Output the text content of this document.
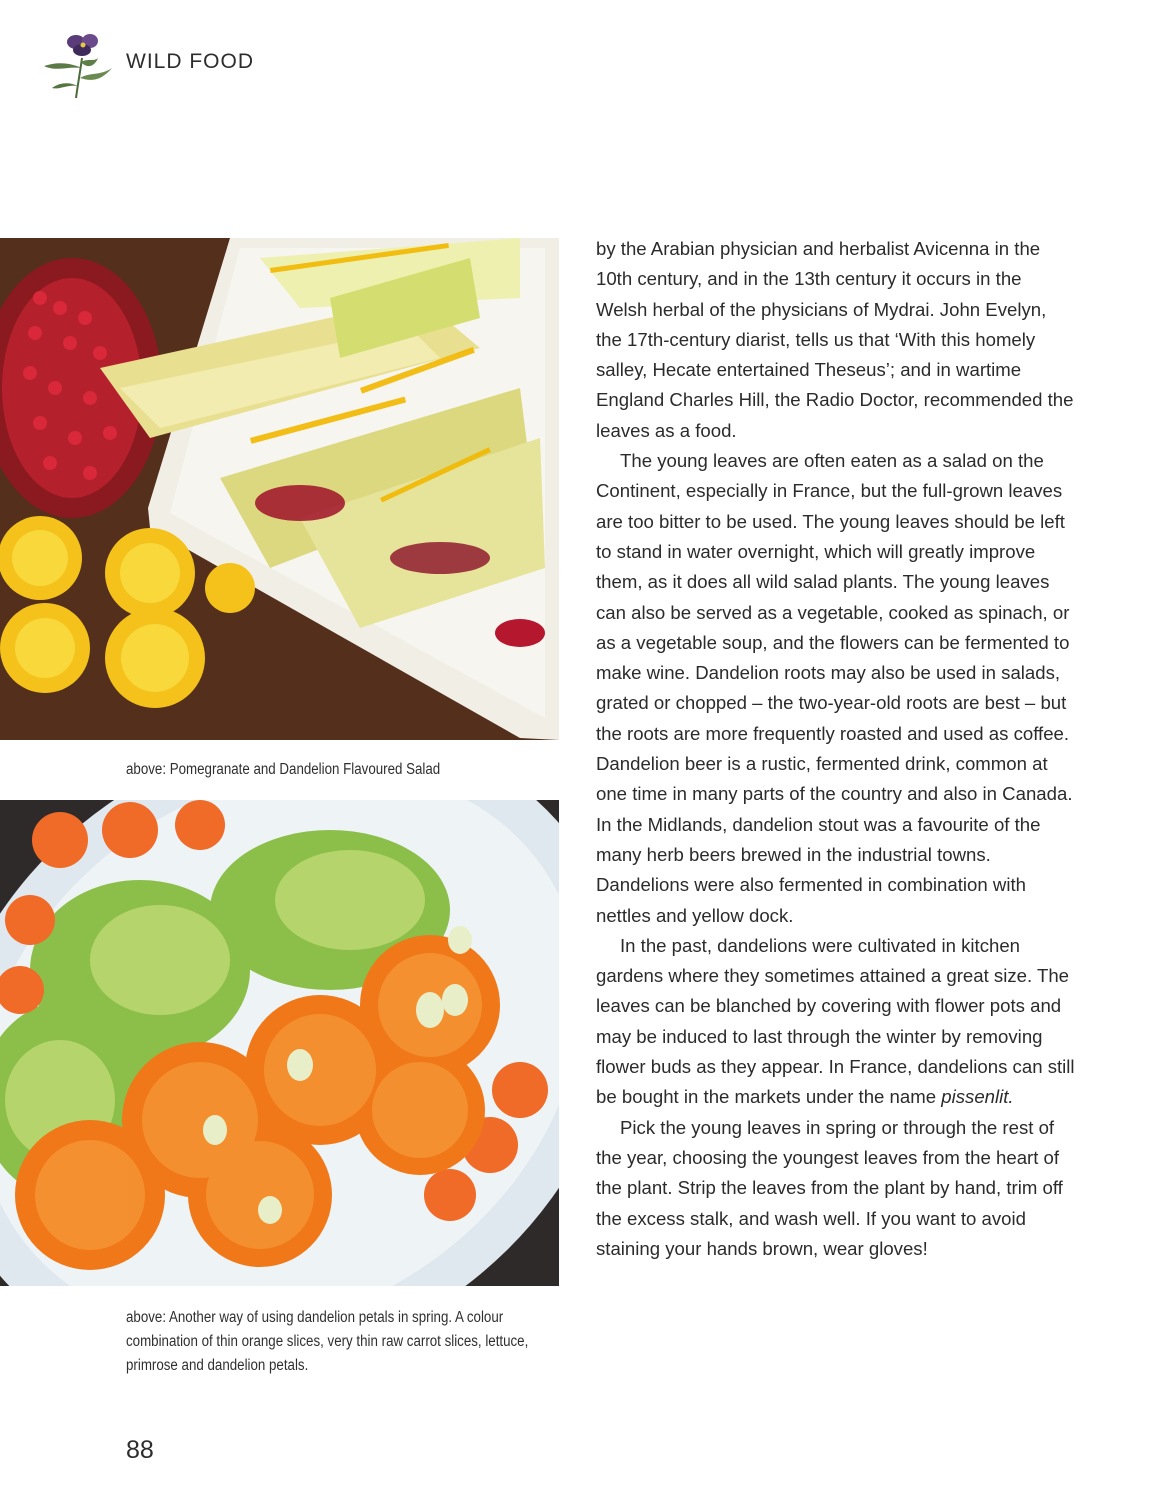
WILD FOOD
above: Pomegranate and Dandelion Flavoured Salad
above: Another way of using dandelion petals in spring. A colour combination of thin orange slices, very thin raw carrot slices, lettuce, primrose and dandelion petals.

by the Arabian physician and herbalist Avicenna in the 10th century, and in the 13th century it occurs in the Welsh herbal of the physicians of Mydrai. John Evelyn, the 17th-century diarist, tells us that ‘With this homely salley, Hecate entertained Theseus’; and in wartime England Charles Hill, the Radio Doctor, recommended the leaves as a food.

The young leaves are often eaten as a salad on the Continent, especially in France, but the full-grown leaves are too bitter to be used. The young leaves should be left to stand in water overnight, which will greatly improve them, as it does all wild salad plants. The young leaves can also be served as a vegetable, cooked as spinach, or as a vegetable soup, and the flowers can be fermented to make wine. Dandelion roots may also be used in salads, grated or chopped – the two-year-old roots are best – but the roots are more frequently roasted and used as coffee. Dandelion beer is a rustic, fermented drink, common at one time in many parts of the country and also in Canada. In the Midlands, dandelion stout was a favourite of the many herb beers brewed in the industrial towns. Dandelions were also fermented in combination with nettles and yellow dock.

In the past, dandelions were cultivated in kitchen gardens where they sometimes attained a great size. The leaves can be blanched by covering with flower pots and may be induced to last through the winter by removing flower buds as they appear. In France, dandelions can still be bought in the markets under the name pissenlit.

Pick the young leaves in spring or through the rest of the year, choosing the youngest leaves from the heart of the plant. Strip the leaves from the plant by hand, trim off the excess stalk, and wash well. If you want to avoid staining your hands brown, wear gloves!

88
